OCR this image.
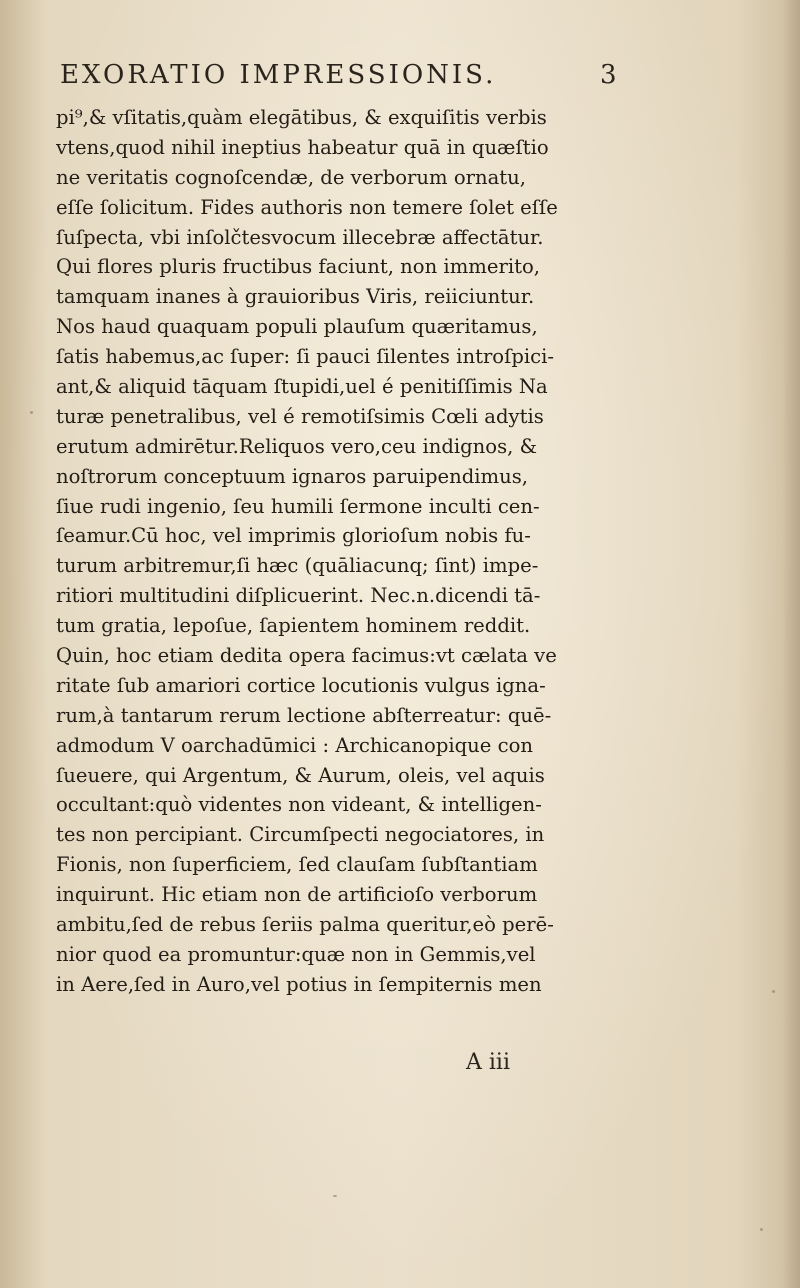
EXORATIO IMPRESSIONIS.	3
pi⁹,& vſitatis,quàm elegātibus, & exquiſitis verbis
vtens,quod nihil ineptius habeatur quā in quæſtio
ne veritatis cognoſcendæ, de verborum ornatu,
eſſe ſolicitum. Fides authoris non temere ſolet eſſe
ſuſpecta, vbi inſolčtesvocum illecebræ affectātur.
Qui flores pluris fructibus faciunt, non immerito,
tamquam inanes à grauioribus Viris, reiiciuntur.
Nos haud quaquam populi plauſum quæritamus,
ſatis habemus,ac ſuper: ſi pauci ſilentes introſpici-
ant,& aliquid tāquam ſtupidi,uel é penitiſſimis Na
turæ penetralibus, vel é remotiſsimis Cœli adytis
erutum admirētur.Reliquos vero,ceu indignos, &
noſtrorum conceptuum ignaros paruipendimus,
ſiue rudi ingenio, ſeu humili ſermone inculti cen-
ſeamur.Cū hoc, vel imprimis glorioſum nobis fu-
turum arbitremur,ſi hæc (quāliacunq; ſint) impe-
ritiori multitudini diſplicuerint. Nec.n.dicendi tā-
tum gratia, lepoſue, ſapientem hominem reddit.
Quin, hoc etiam dedita opera facimus:vt cælata ve
ritate ſub amariori cortice locutionis vulgus igna-
rum,à tantarum rerum lectione abſterreatur: quē-
admodum V oarchadūmici : Archicanopique con
ſueuere, qui Argentum, & Aurum, oleis, vel aquis
occultant:quò videntes non videant, & intelligen-
tes non percipiant. Circumſpecti negociatores, in
Fionis, non ſuperficiem, ſed clauſam ſubſtantiam
inquirunt. Hic etiam non de artificioſo verborum
ambitu,ſed de rebus ſeriis palma queritur,eò perē-
nior quod ea promuntur:quæ non in Gemmis,vel
in Aere,ſed in Auro,vel potius in ſempiternis men
A iii
